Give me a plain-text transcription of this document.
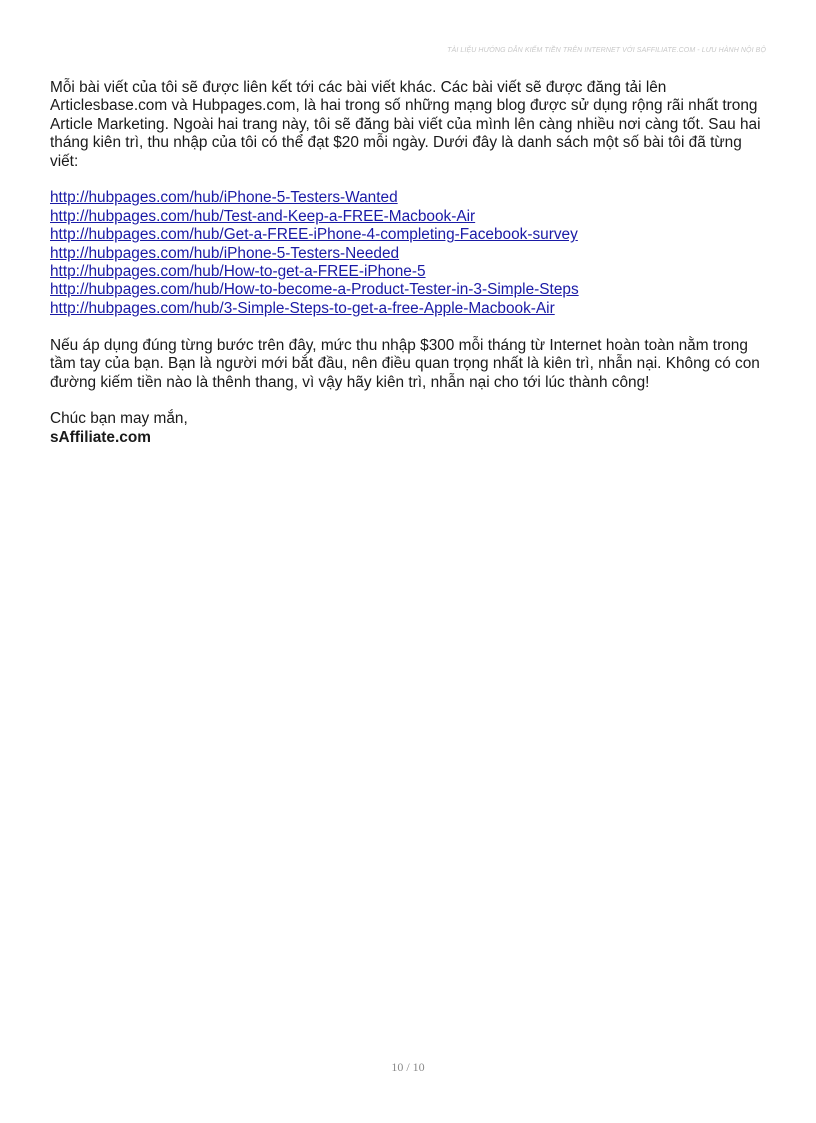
TÀI LIỆU HƯỚNG DẪN KIẾM TIỀN TRÊN INTERNET VỚI SAFFILIATE.COM - LƯU HÀNH NỘI BỘ

Mỗi bài viết của tôi sẽ được liên kết tới các bài viết khác. Các bài viết sẽ được đăng tải lên Articlesbase.com và Hubpages.com, là hai trong số những mạng blog được sử dụng rộng rãi nhất trong Article Marketing. Ngoài hai trang này, tôi sẽ đăng bài viết của mình lên càng nhiều nơi càng tốt. Sau hai tháng kiên trì, thu nhập của tôi có thể đạt $20 mỗi ngày. Dưới đây là danh sách một số bài tôi đã từng viết:

http://hubpages.com/hub/iPhone-5-Testers-Wanted
http://hubpages.com/hub/Test-and-Keep-a-FREE-Macbook-Air
http://hubpages.com/hub/Get-a-FREE-iPhone-4-completing-Facebook-survey
http://hubpages.com/hub/iPhone-5-Testers-Needed
http://hubpages.com/hub/How-to-get-a-FREE-iPhone-5
http://hubpages.com/hub/How-to-become-a-Product-Tester-in-3-Simple-Steps
http://hubpages.com/hub/3-Simple-Steps-to-get-a-free-Apple-Macbook-Air

Nếu áp dụng đúng từng bước trên đây, mức thu nhập $300 mỗi tháng từ Internet hoàn toàn nằm trong tầm tay của bạn. Bạn là người mới bắt đầu, nên điều quan trọng nhất là kiên trì, nhẫn nại. Không có con đường kiếm tiền nào là thênh thang, vì vậy hãy kiên trì, nhẫn nại cho tới lúc thành công!

Chúc bạn may mắn,

sAffiliate.com

10 / 10
